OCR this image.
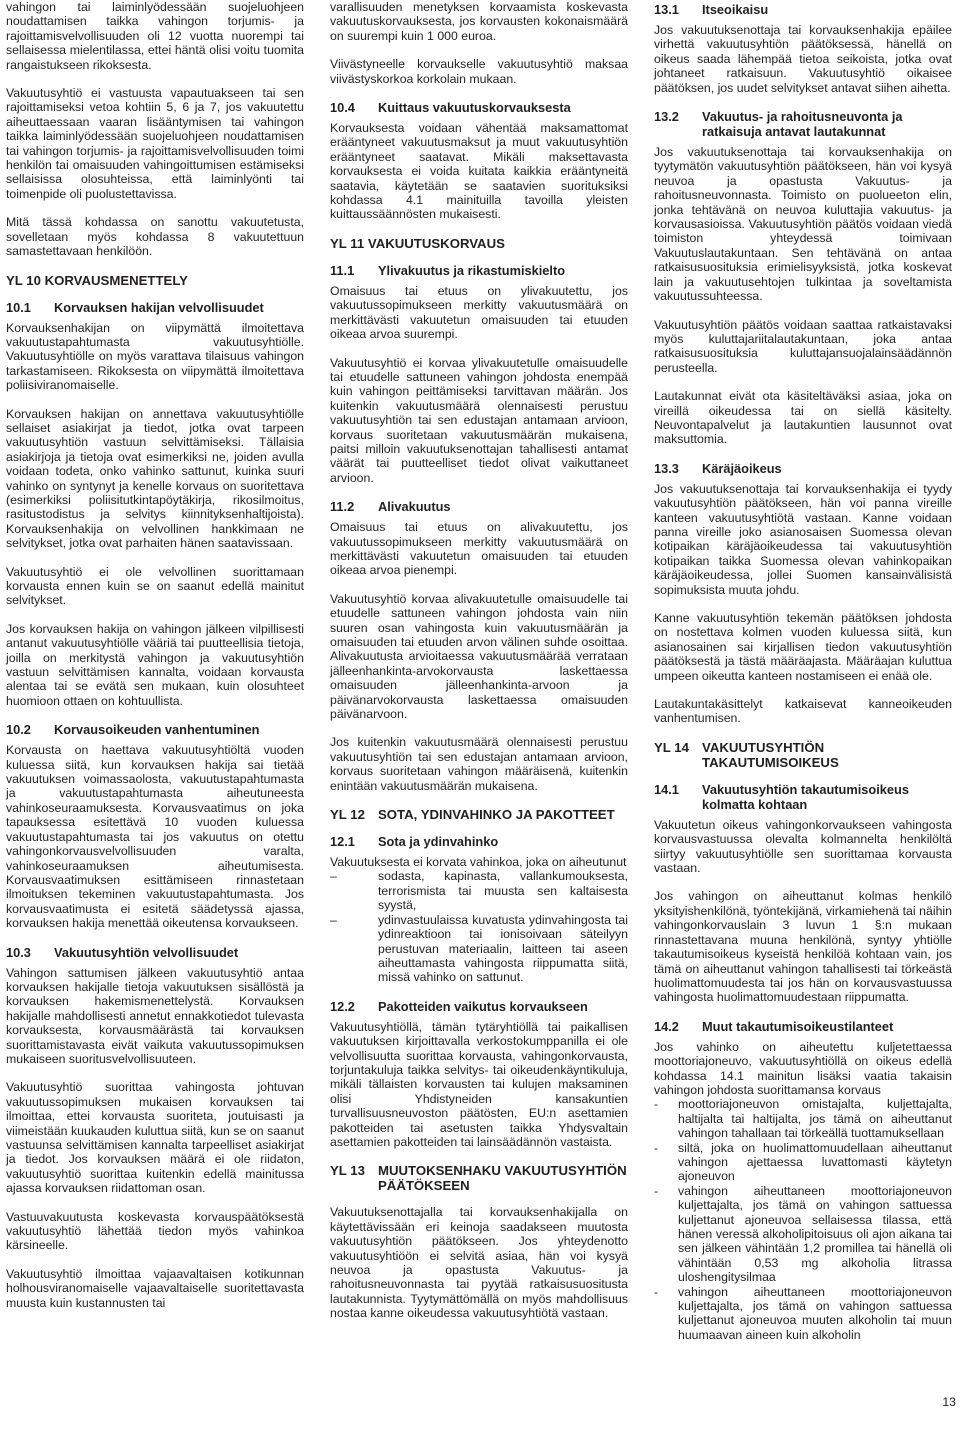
vahingon tai laiminlyödessään suojeluohjeen noudattamisen taikka vahingon torjumis- ja rajoittamisvelvollisuuden oli 12 vuotta nuorempi tai sellaisessa mielentilassa, ettei häntä olisi voitu tuomita rangaistukseen rikoksesta.

Vakuutusyhtiö ei vastuusta vapautuakseen tai sen rajoittamiseksi vetoa kohtiin 5, 6 ja 7, jos vakuutettu aiheuttaessaan vaaran lisääntymisen tai vahingon taikka laiminlyödessään suojeluohjeen noudattamisen tai vahingon torjumis- ja rajoittamisvelvollisuuden toimi henkilön tai omaisuuden vahingoittumisen estämiseksi sellaisissa olosuhteissa, että laiminlyönti tai toimenpide oli puolustettavissa.

Mitä tässä kohdassa on sanottu vakuutetusta, sovelletaan myös kohdassa 8 vakuutettuun samastettavaan henkilöön.

YL 10 KORVAUSMENETTELY
10.1	Korvauksen hakijan velvollisuudet

Korvauksenhakijan on viipymättä ilmoitettava vakuutustapahtumasta vakuutusyhtiölle. Vakuutusyhtiölle on myös varattava tilaisuus vahingon tarkastamiseen. Rikoksesta on viipymättä ilmoitettava poliisiviranomaiselle.

Korvauksen hakijan on annettava vakuutusyhtiölle sellaiset asiakirjat ja tiedot, jotka ovat tarpeen vakuutusyhtiön vastuun selvittämiseksi. Tällaisia asiakirjoja ja tietoja ovat esimerkiksi ne, joiden avulla voidaan todeta, onko vahinko sattunut, kuinka suuri vahinko on syntynyt ja kenelle korvaus on suoritettava (esimerkiksi poliisitutkintapöytäkirja, rikosilmoitus, rasitustodistus ja selvitys kiinnityksenhaltijoista). Korvauksenhakija on velvollinen hankkimaan ne selvitykset, jotka ovat parhaiten hänen saatavissaan.

Vakuutusyhtiö ei ole velvollinen suorittamaan korvausta ennen kuin se on saanut edellä mainitut selvitykset.

Jos korvauksen hakija on vahingon jälkeen vilpillisesti antanut vakuutusyhtiölle vääriä tai puutteellisia tietoja, joilla on merkitystä vahingon ja vakuutusyhtiön vastuun selvittämisen kannalta, voidaan korvausta alentaa tai se evätä sen mukaan, kuin olosuhteet huomioon ottaen on kohtuullista.

10.2	Korvausoikeuden vanhentuminen

Korvausta on haettava vakuutusyhtiöltä vuoden kuluessa siitä, kun korvauksen hakija sai tietää vakuutuksen voimassaolosta, vakuutustapahtumasta ja vakuutustapahtumasta aiheutuneesta vahinkoseuraamuksesta. Korvausvaatimus on joka tapauksessa esitettävä 10 vuoden kuluessa vakuutustapahtumasta tai jos vakuutus on otettu vahingonkorvausvelvollisuuden varalta, vahinkoseuraamuksen aiheutumisesta. Korvausvaatimuksen esittämiseen rinnastetaan ilmoituksen tekeminen vakuutustapahtumasta. Jos korvausvaatimusta ei esitetä säädetyssä ajassa, korvauksen hakija menettää oikeutensa korvaukseen.

10.3	Vakuutusyhtiön velvollisuudet

Vahingon sattumisen jälkeen vakuutusyhtiö antaa korvauksen hakijalle tietoja vakuutuksen sisällöstä ja korvauksen hakemismenettelystä. Korvauksen hakijalle mahdollisesti annetut ennakkotiedot tulevasta korvauksesta, korvausmäärästä tai korvauksen suorittamistavasta eivät vaikuta vakuutussopimuksen mukaiseen suoritusvelvollisuuteen.

Vakuutusyhtiö suorittaa vahingosta johtuvan vakuutussopimuksen mukaisen korvauksen tai ilmoittaa, ettei korvausta suoriteta, joutuisasti ja viimeistään kuukauden kuluttua siitä, kun se on saanut vastuunsa selvittämisen kannalta tarpeelliset asiakirjat ja tiedot. Jos korvauksen määrä ei ole riidaton, vakuutusyhtiö suorittaa kuitenkin edellä mainitussa ajassa korvauksen riidattoman osan.

Vastuuvakuutusta koskevasta korvauspäätöksestä vakuutusyhtiö lähettää tiedon myös vahinkoa kärsineelle.

Vakuutusyhtiö ilmoittaa vajaavaltaisen kotikunnan holhousviranomaiselle vajaavaltaiselle suoritettavasta muusta kuin kustannusten tai

varallisuuden menetyksen korvaamista koskevasta vakuutuskorvauksesta, jos korvausten kokonaismäärä on suurempi kuin 1 000 euroa.

Viivästyneelle korvaukselle vakuutusyhtiö maksaa viivästyskorkoa korkolain mukaan.

10.4	Kuittaus vakuutuskorvauksesta

Korvauksesta voidaan vähentää maksamattomat erääntyneet vakuutusmaksut ja muut vakuutusyhtiön erääntyneet saatavat. Mikäli maksettavasta korvauksesta ei voida kuitata kaikkia erääntyneitä saatavia, käytetään se saatavien suorituksiksi kohdassa 4.1 mainituilla tavoilla yleisten kuittaussäännösten mukaisesti.

YL 11 VAKUUTUSKORVAUS
11.1	Ylivakuutus ja rikastumiskielto

Omaisuus tai etuus on ylivakuutettu, jos vakuutussopimukseen merkitty vakuutusmäärä on merkittävästi vakuutetun omaisuuden tai etuuden oikeaa arvoa suurempi.

Vakuutusyhtiö ei korvaa ylivakuutetulle omaisuudelle tai etuudelle sattuneen vahingon johdosta enempää kuin vahingon peittämiseksi tarvittavan määrän. Jos kuitenkin vakuutusmäärä olennaisesti perustuu vakuutusyhtiön tai sen edustajan antamaan arvioon, korvaus suoritetaan vakuutusmäärän mukaisena, paitsi milloin vakuutuksenottajan tahallisesti antamat väärät tai puutteelliset tiedot olivat vaikuttaneet arvioon.

11.2	Alivakuutus

Omaisuus tai etuus on alivakuutettu, jos vakuutussopimukseen merkitty vakuutusmäärä on merkittävästi vakuutetun omaisuuden tai etuuden oikeaa arvoa pienempi.

Vakuutusyhtiö korvaa alivakuutetulle omaisuudelle tai etuudelle sattuneen vahingon johdosta vain niin suuren osan vahingosta kuin vakuutusmäärän ja omaisuuden tai etuuden arvon välinen suhde osoittaa. Alivakuutusta arvioitaessa vakuutusmäärää verrataan jälleenhankinta-arvokorvausta laskettaessa omaisuuden jälleenhankinta-arvoon ja päivänarvokorvausta laskettaessa omaisuuden päivänarvoon.

Jos kuitenkin vakuutusmäärä olennaisesti perustuu vakuutusyhtiön tai sen edustajan antamaan arvioon, korvaus suoritetaan vahingon määräisenä, kuitenkin enintään vakuutusmäärän mukaisena.

YL 12 SOTA, YDINVAHINKO JA PAKOTTEET
12.1	Sota ja ydinvahinko

Vakuutuksesta ei korvata vahinkoa, joka on aiheutunut

–	sodasta, kapinasta, vallankumouksesta, terrorismista tai muusta sen kaltaisesta syystä,
–	ydinvastuulaissa kuvatusta ydinvahingosta tai ydinreaktioon tai ionisoivaan säteilyyn perustuvan materiaalin, laitteen tai aseen aiheuttamasta vahingosta riippumatta siitä, missä vahinko on sattunut.
12.2	Pakotteiden vaikutus korvaukseen

Vakuutusyhtiöllä, tämän tytäryhtiöllä tai paikallisen vakuutuksen kirjoittavalla verkostokumppanilla ei ole velvollisuutta suorittaa korvausta, vahingonkorvausta, torjuntakuluja taikka selvitys- tai oikeudenkäyntikuluja, mikäli tällaisten korvausten tai kulujen maksaminen olisi Yhdistyneiden kansakuntien turvallisuusneuvoston päätösten, EU:n asettamien pakotteiden tai asetusten taikka Yhdysvaltain asettamien pakotteiden tai lainsäädännön vastaista.

YL 13 MUUTOKSENHAKU VAKUUTUSYHTIÖN PÄÄTÖKSEEN

Vakuutuksenottajalla tai korvauksenhakijalla on käytettävissään eri keinoja saadakseen muutosta vakuutusyhtiön päätökseen. Jos yhteydenotto vakuutusyhtiöön ei selvitä asiaa, hän voi kysyä neuvoa ja opastusta Vakuutus- ja rahoitusneuvonnasta tai pyytää ratkaisusuositusta lautakunnista. Tyytymättömällä on myös mahdollisuus nostaa kanne oikeudessa vakuutusyhtiötä vastaan.

13.1	Itseoikaisu

Jos vakuutuksenottaja tai korvauksenhakija epäilee virhettä vakuutusyhtiön päätöksessä, hänellä on oikeus saada lähempää tietoa seikoista, jotka ovat johtaneet ratkaisuun. Vakuutusyhtiö oikaisee päätöksen, jos uudet selvitykset antavat siihen aihetta.

13.2	Vakuutus- ja rahoitusneuvonta ja ratkaisuja antavat lautakunnat

Jos vakuutuksenottaja tai korvauksenhakija on tyytymätön vakuutusyhtiön päätökseen, hän voi kysyä neuvoa ja opastusta Vakuutus- ja rahoitusneuvonnasta. Toimisto on puolueeton elin, jonka tehtävänä on neuvoa kuluttajia vakuutus- ja korvausasioissa. Vakuutusyhtiön päätös voidaan viedä toimiston yhteydessä toimivaan Vakuutuslautakuntaan. Sen tehtävänä on antaa ratkaisusuosituksia erimielisyyksistä, jotka koskevat lain ja vakuutusehtojen tulkintaa ja soveltamista vakuutussuhteessa.

Vakuutusyhtiön päätös voidaan saattaa ratkaistavaksi myös kuluttajariitalautakuntaan, joka antaa ratkaisusuosituksia kuluttajansuojalainsäädännön perusteella.

Lautakunnat eivät ota käsiteltäväksi asiaa, joka on vireillä oikeudessa tai on siellä käsitelty. Neuvontapalvelut ja lautakuntien lausunnot ovat maksuttomia.

13.3	Käräjäoikeus

Jos vakuutuksenottaja tai korvauksenhakija ei tyydy vakuutusyhtiön päätökseen, hän voi panna vireille kanteen vakuutusyhtiötä vastaan. Kanne voidaan panna vireille joko asianosaisen Suomessa olevan kotipaikan käräjäoikeudessa tai vakuutusyhtiön kotipaikan taikka Suomessa olevan vahinkopaikan käräjäoikeudessa, jollei Suomen kansainvälisistä sopimuksista muuta johdu.

Kanne vakuutusyhtiön tekemän päätöksen johdosta on nostettava kolmen vuoden kuluessa siitä, kun asianosainen sai kirjallisen tiedon vakuutusyhtiön päätöksestä ja tästä määräajasta. Määräajan kuluttua umpeen oikeutta kanteen nostamiseen ei enää ole.

Lautakuntakäsittelyt katkaisevat kanneoikeuden vanhentumisen.

YL 14 VAKUUTUSYHTIÖN TAKAUTUMISOIKEUS
14.1	Vakuutusyhtiön takautumisoikeus kolmatta kohtaan

Vakuutetun oikeus vahingonkorvaukseen vahingosta korvausvastuussa olevalta kolmannelta henkilöltä siirtyy vakuutusyhtiölle sen suorittamaa korvausta vastaan.

Jos vahingon on aiheuttanut kolmas henkilö yksityishenkilönä, työntekijänä, virkamiehenä tai näihin vahingonkorvauslain 3 luvun 1 §:n mukaan rinnastettavana muuna henkilönä, syntyy yhtiölle takautumisoikeus kyseistä henkilöä kohtaan vain, jos tämä on aiheuttanut vahingon tahallisesti tai törkeästä huolimattomuudesta tai jos hän on korvausvastuussa vahingosta huolimattomuudestaan riippumatta.

14.2	Muut takautumisoikeustilanteet

Jos vahinko on aiheutettu kuljetettaessa moottoriajoneuvo, vakuutusyhtiöllä on oikeus edellä kohdassa 14.1 mainitun lisäksi vaatia takaisin vahingon johdosta suorittamansa korvaus

- moottoriajoneuvon omistajalta, kuljettajalta, haltijalta tai haltijalta, jos tämä on aiheuttanut vahingon tahallaan tai törkeällä tuottamuksellaan
- siltä, joka on huolimattomuudellaan aiheuttanut vahingon ajettaessa luvattomasti käytetyn ajoneuvon
- vahingon aiheuttaneen moottoriajoneuvon kuljettajalta, jos tämä on vahingon sattuessa kuljettanut ajoneuvoa sellaisessa tilassa, että hänen veressä alkoholipitoisuus oli ajon aikana tai sen jälkeen vähintään 1,2 promillea tai hänellä oli vähintään 0,53 mg alkoholia litrassa uloshengitysilmaa
- vahingon aiheuttaneen moottoriajoneuvon kuljettajalta, jos tämä on vahingon sattuessa kuljettanut ajoneuvoa muuten alkoholin tai muun huumaavan aineen kuin alkoholin
13
